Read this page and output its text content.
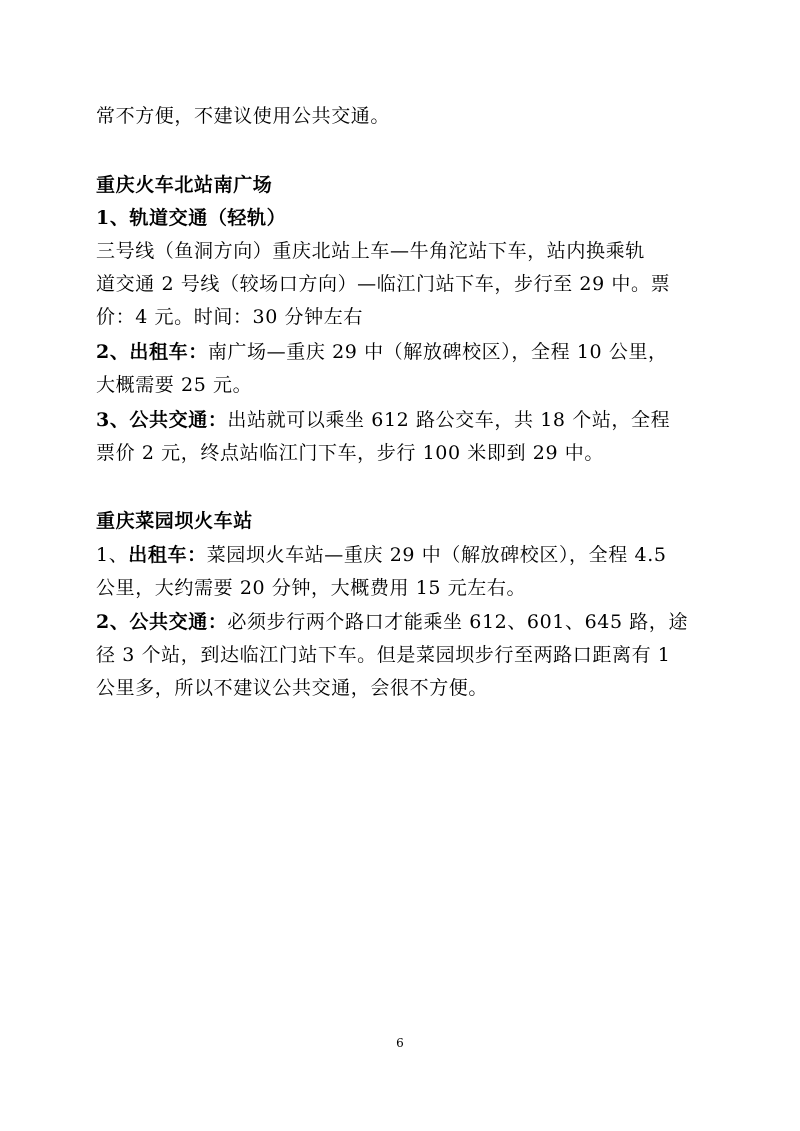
常不方便，不建议使用公共交通。
重庆火车北站南广场
1、轨道交通（轻轨）
三号线（鱼洞方向）重庆北站上车—牛角沱站下车，站内换乘轨
道交通 2 号线（较场口方向）—临江门站下车，步行至 29 中。票
价：4 元。时间：30 分钟左右
2、出租车：南广场—重庆 29 中（解放碑校区），全程 10 公里，
大概需要 25 元。
3、公共交通：出站就可以乘坐 612 路公交车，共 18 个站，全程
票价 2 元，终点站临江门下车，步行 100 米即到 29 中。
重庆菜园坝火车站
1、出租车：菜园坝火车站—重庆 29 中（解放碑校区），全程 4.5
公里，大约需要 20 分钟，大概费用 15 元左右。
2、公共交通：必须步行两个路口才能乘坐 612、601、645 路，途
径 3 个站，到达临江门站下车。但是菜园坝步行至两路口距离有 1
公里多，所以不建议公共交通，会很不方便。
6
